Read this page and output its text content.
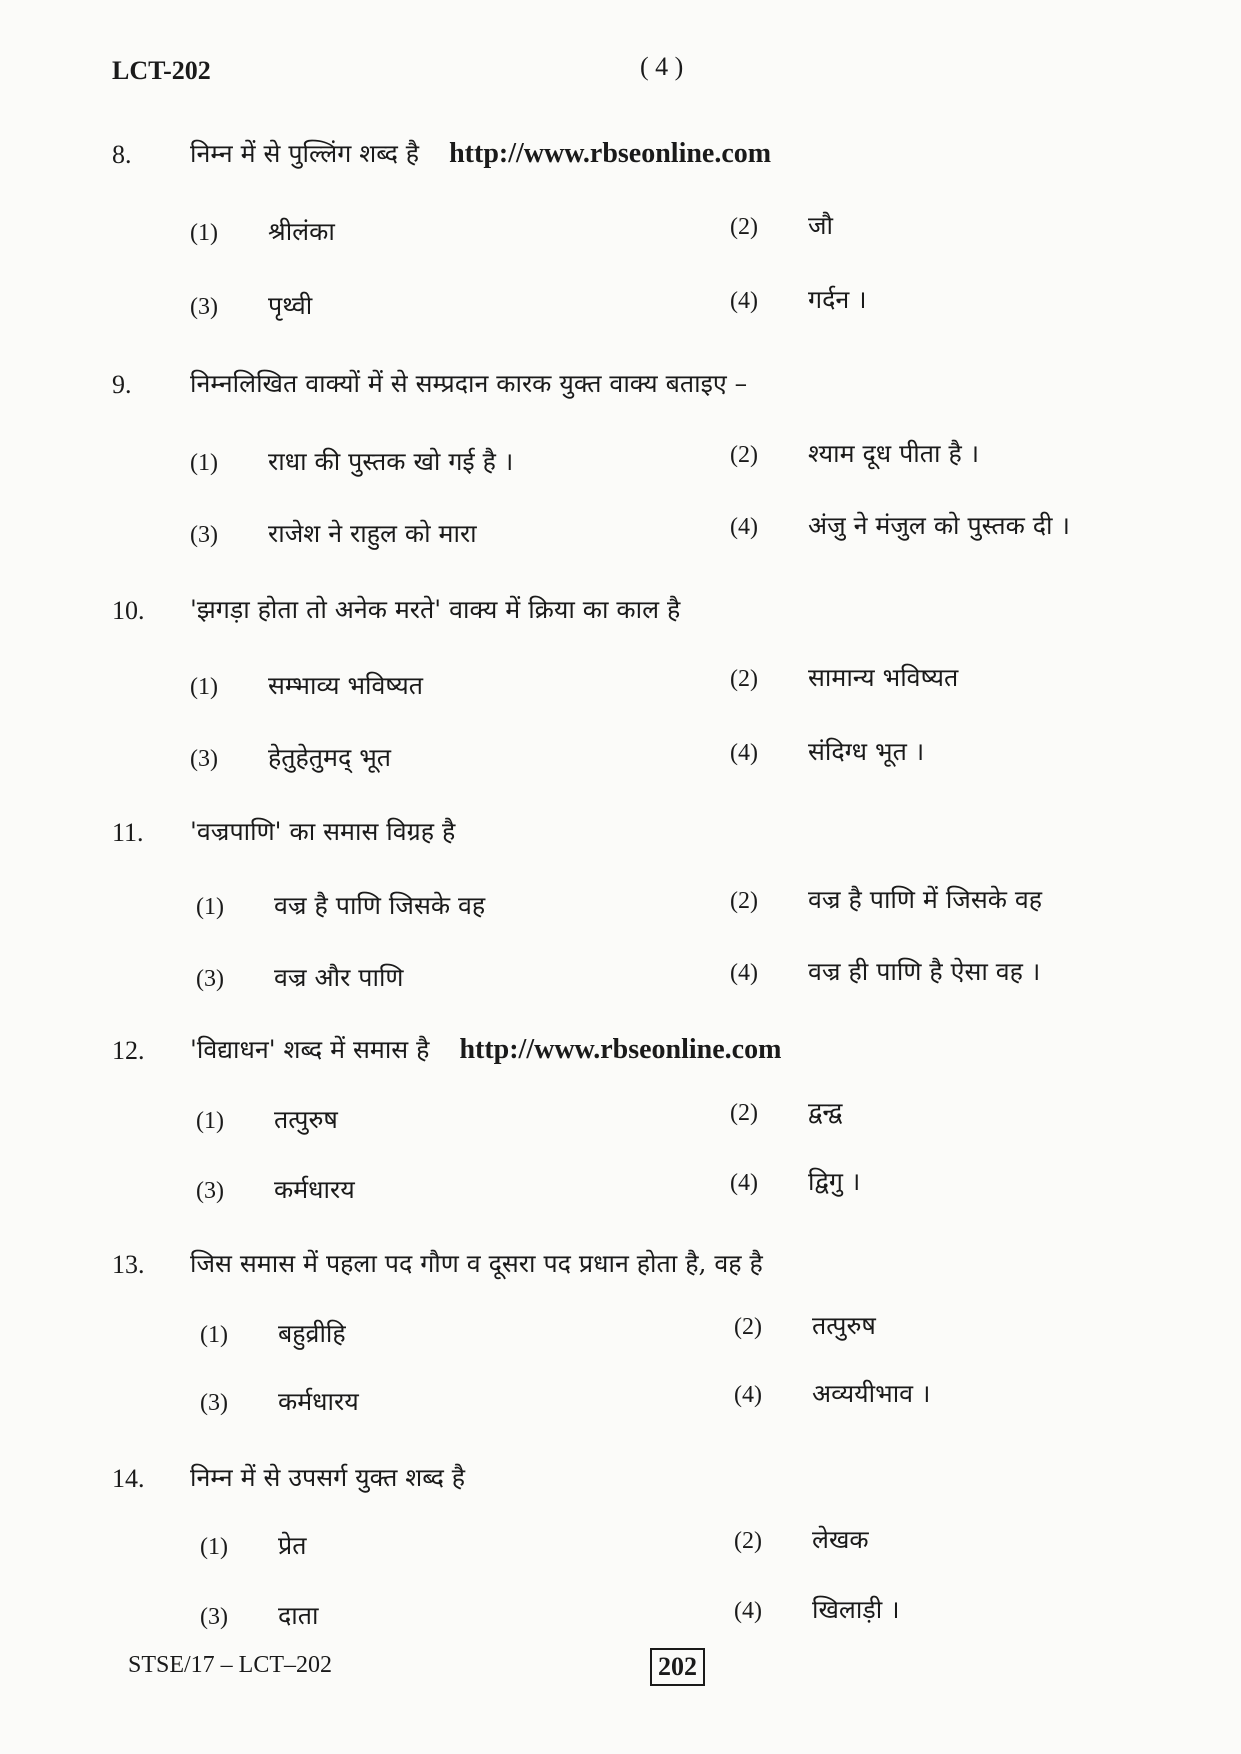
LCT-202	( 4 )
8. निम्न में से पुल्लिंग शब्द है http://www.rbseonline.com
(1) श्रीलंका	(2) जौ
(3) पृथ्वी	(4) गर्दन ।
9. निम्नलिखित वाक्यों में से सम्प्रदान कारक युक्त वाक्य बताइए –
(1) राधा की पुस्तक खो गई है ।	(2) श्याम दूध पीता है ।
(3) राजेश ने राहुल को मारा	(4) अंजु ने मंजुल को पुस्तक दी ।
10. 'झगड़ा होता तो अनेक मरते' वाक्य में क्रिया का काल है
(1) सम्भाव्य भविष्यत	(2) सामान्य भविष्यत
(3) हेतुहेतुमद् भूत	(4) संदिग्ध भूत ।
11. 'वज्रपाणि' का समास विग्रह है
(1) वज्र है पाणि जिसके वह	(2) वज्र है पाणि में जिसके वह
(3) वज्र और पाणि	(4) वज्र ही पाणि है ऐसा वह ।
12. 'विद्याधन' शब्द में समास है http://www.rbseonline.com
(1) तत्पुरुष	(2) द्वन्द्व
(3) कर्मधारय	(4) द्विगु ।
13. जिस समास में पहला पद गौण व दूसरा पद प्रधान होता है, वह है
(1) बहुव्रीहि	(2) तत्पुरुष
(3) कर्मधारय	(4) अव्ययीभाव ।
14. निम्न में से उपसर्ग युक्त शब्द है
(1) प्रेत	(2) लेखक
(3) दाता	(4) खिलाड़ी ।
STSE/17 – LCT–202	202
